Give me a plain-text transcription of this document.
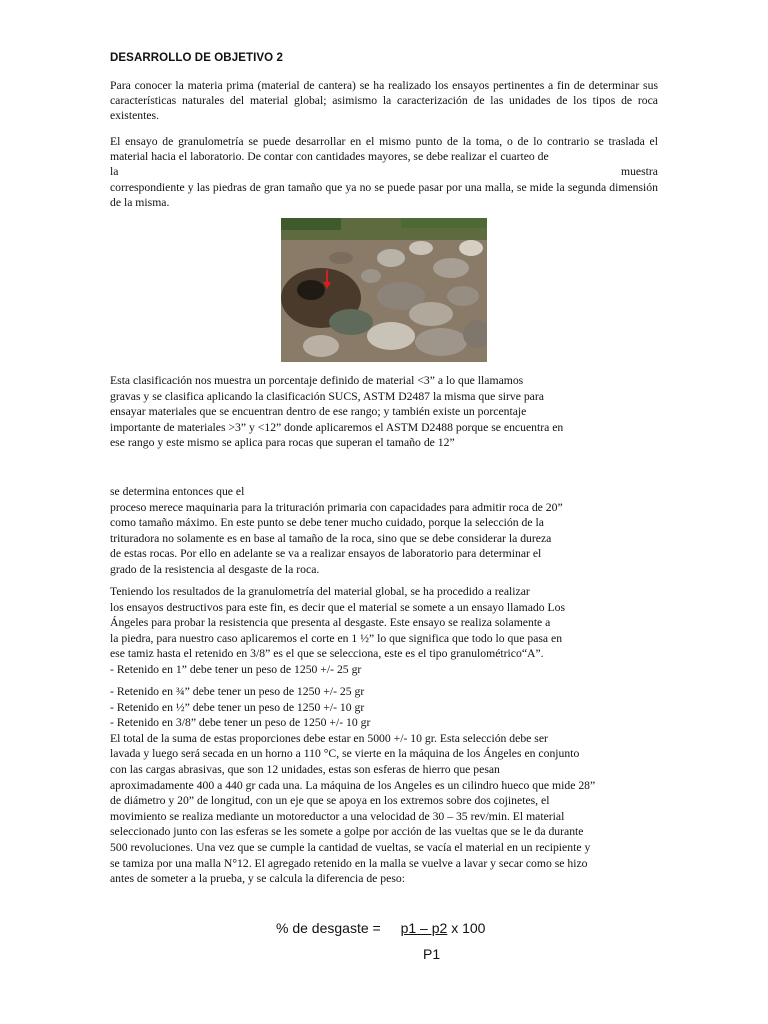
DESARROLLO DE OBJETIVO 2
Para conocer la materia prima (material de cantera) se ha realizado los ensayos pertinentes a fin de determinar sus características naturales del material global; asimismo la caracterización de las unidades de los tipos de roca existentes.
El ensayo de granulometría se puede desarrollar en el mismo punto de la toma, o de lo contrario se traslada el material hacia el laboratorio. De contar con cantidades mayores, se debe realizar el cuarteo de
la	muestra
correspondiente y las piedras de gran tamaño que ya no se puede pasar por una malla, se mide la segunda dimensión de la misma.
Esta clasificación nos muestra un porcentaje definido de material <3” a lo que llamamos
gravas y se clasifica aplicando la clasificación SUCS, ASTM D2487 la misma que sirve para
ensayar materiales que se encuentran dentro de ese rango; y también existe un porcentaje
importante de materiales >3” y <12” donde aplicaremos el ASTM D2488 porque se encuentra en
ese rango y este mismo se aplica para rocas que superan el tamaño de 12”
se determina entonces que el
proceso merece maquinaria para la trituración primaria con capacidades para admitir roca de 20”
como tamaño máximo. En este punto se debe tener mucho cuidado, porque la selección de la
trituradora no solamente es en base al tamaño de la roca, sino que se debe considerar la dureza
de estas rocas. Por ello en adelante se va a realizar ensayos de laboratorio para determinar el
grado de la resistencia al desgaste de la roca.
Teniendo los resultados de la granulometría del material global, se ha procedido a realizar
los ensayos destructivos para este fin, es decir que el material se somete a un ensayo llamado Los
Ángeles para probar la resistencia que presenta al desgaste. Este ensayo se realiza solamente a
la piedra, para nuestro caso aplicaremos el corte en 1 ½” lo que significa que todo lo que pasa en
ese tamiz hasta el retenido en 3/8” es el que se selecciona, este es el tipo granulométrico“A”.
- Retenido en 1” debe tener un peso de 1250 +/- 25 gr
- Retenido en ¾” debe tener un peso de 1250 +/- 25 gr
- Retenido en ½” debe tener un peso de 1250 +/- 10 gr
- Retenido en 3/8” debe tener un peso de 1250 +/- 10 gr
El total de la suma de estas proporciones debe estar en 5000 +/- 10 gr. Esta selección debe ser
lavada y luego será secada en un horno a 110 °C, se vierte en la máquina de los Ángeles en conjunto
con las cargas abrasivas, que son 12 unidades, estas son esferas de hierro que pesan
aproximadamente 400 a 440 gr cada una. La máquina de los Angeles es un cilindro hueco que mide 28”
de diámetro y 20” de longitud, con un eje que se apoya en los extremos sobre dos cojinetes, el
movimiento se realiza mediante un motoreductor a una velocidad de 30 – 35 rev/min. El material
seleccionado junto con las esferas se les somete a golpe por acción de las vueltas que se le da durante
500 revoluciones. Una vez que se cumple la cantidad de vueltas, se vacía el material en un recipiente y
se tamiza por una malla N°12. El agregado retenido en la malla se vuelve a lavar y secar como se hizo
antes de someter a la prueba, y se calcula la diferencia de peso:
% de desgaste = p1 – p2 x 100
P1
